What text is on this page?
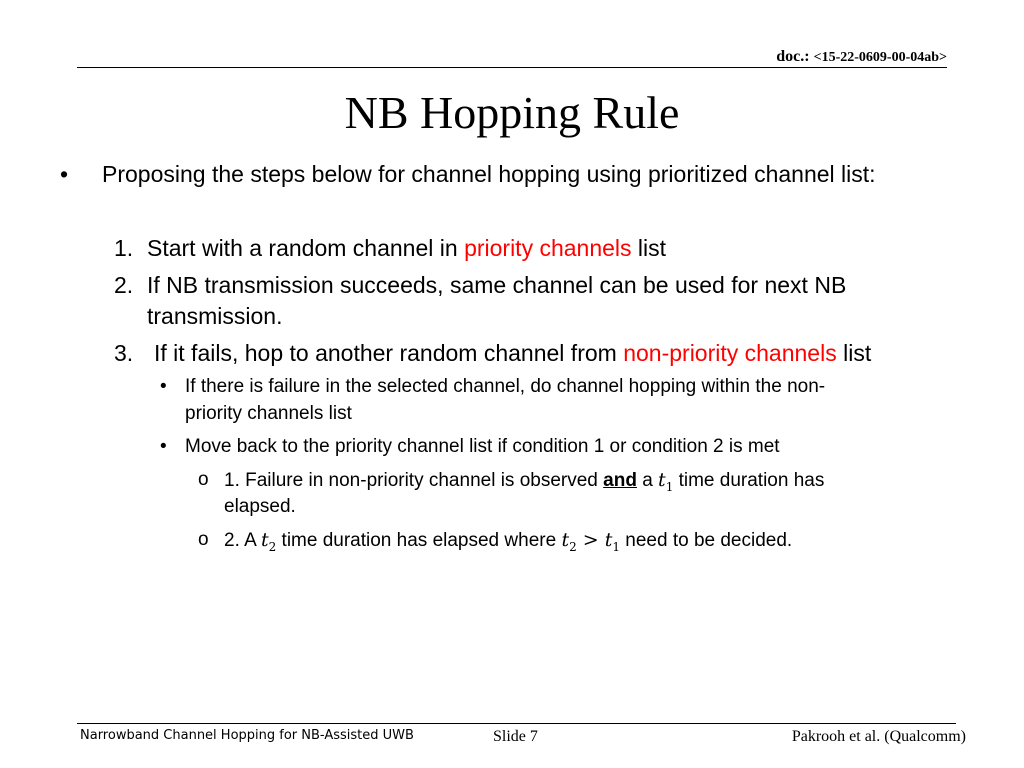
doc.: <15-22-0609-00-04ab>
NB Hopping Rule
• Proposing the steps below for channel hopping using prioritized channel list:
1. Start with a random channel in priority channels list
2. If NB transmission succeeds, same channel can be used for next NB
transmission.
3. If it fails, hop to another random channel from non-priority channels list
• If there is failure in the selected channel, do channel hopping within the non-
priority channels list
• Move back to the priority channel list if condition 1 or condition 2 is met
o 1. Failure in non-priority channel is observed and a $t_1$ time duration has
elapsed.
o 2. A $t_2$ time duration has elapsed where $t_2 > t_1$ need to be decided.
Narrowband Channel Hopping for NB-Assisted UWB	Slide 7	Pakrooh et al. (Qualcomm)
